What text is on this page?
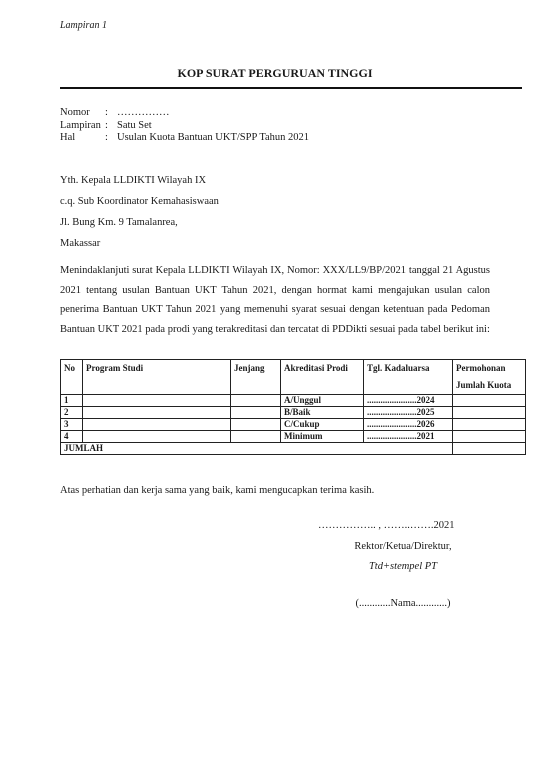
Lampiran 1
KOP SURAT PERGURUAN TINGGI
Nomor	: ……………
Lampiran : Satu Set
Hal	: Usulan Kuota Bantuan UKT/SPP Tahun 2021
Yth. Kepala LLDIKTI Wilayah IX
c.q. Sub Koordinator Kemahasiswaan
Jl. Bung Km. 9 Tamalanrea,
Makassar
Menindaklanjuti surat Kepala LLDIKTI Wilayah IX, Nomor: XXX/LL9/BP/2021 tanggal 21 Agustus 2021 tentang usulan Bantuan UKT Tahun 2021, dengan hormat kami mengajukan usulan calon penerima Bantuan UKT Tahun 2021 yang memenuhi syarat sesuai dengan ketentuan pada Pedoman Bantuan UKT 2021 pada prodi yang terakreditasi dan tercatat di PDDikti sesuai pada tabel berikut ini:
No	Program Studi	Jenjang	Akreditasi Prodi	Tgl. Kadaluarsa	Permohonan
Jumlah Kuota

1			A/Unggul	......................2024	
2			B/Baik	......................2025	
3			C/Cukup	......................2026	
4			Minimum	......................2021	
JUMLAH					
Atas perhatian dan kerja sama yang baik, kami mengucapkan terima kasih.
…………….. , ……..…….2021
Rektor/Ketua/Direktur,
Ttd+stempel PT
(............Nama............)
